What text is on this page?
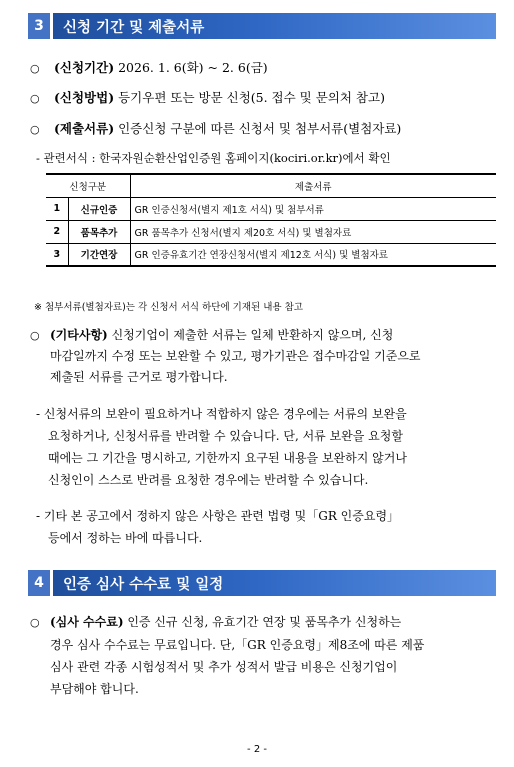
3	신청 기간 및 제출서류
○ (신청기간) 2026. 1. 6(화) ~ 2. 6(금)
○ (신청방법) 등기우편 또는 방문 신청(5. 접수 및 문의처 참고)
○ (제출서류) 인증신청 구분에 따른 신청서 및 첨부서류(별첨자료)
- 관련서식 : 한국자원순환산업인증원 홈페이지(kociri.or.kr)에서 확인
신청구분		제출서류
1	신규인증	GR 인증신청서(별지 제1호 서식) 및 첨부서류
2	품목추가	GR 품목추가 신청서(별지 제20호 서식) 및 별첨자료
3	기간연장	GR 인증유효기간 연장신청서(별지 제12호 서식) 및 별첨자료
※ 첨부서류(별첨자료)는 각 신청서 서식 하단에 기재된 내용 참고
○ (기타사항) 신청기업이 제출한 서류는 일체 반환하지 않으며, 신청
마감일까지 수정 또는 보완할 수 있고, 평가기관은 접수마감일 기준으로
제출된 서류를 근거로 평가합니다.
- 신청서류의 보완이 필요하거나 적합하지 않은 경우에는 서류의 보완을
요청하거나, 신청서류를 반려할 수 있습니다. 단, 서류 보완을 요청할
때에는 그 기간을 명시하고, 기한까지 요구된 내용을 보완하지 않거나
신청인이 스스로 반려를 요청한 경우에는 반려할 수 있습니다.
- 기타 본 공고에서 정하지 않은 사항은 관련 법령 및「GR 인증요령」
등에서 정하는 바에 따릅니다.
4	인증 심사 수수료 및 일정
○ (심사 수수료) 인증 신규 신청, 유효기간 연장 및 품목추가 신청하는
경우 심사 수수료는 무료입니다. 단,「GR 인증요령」제8조에 따른 제품
심사 관련 각종 시험성적서 및 추가 성적서 발급 비용은 신청기업이
부담해야 합니다.
- 2 -
